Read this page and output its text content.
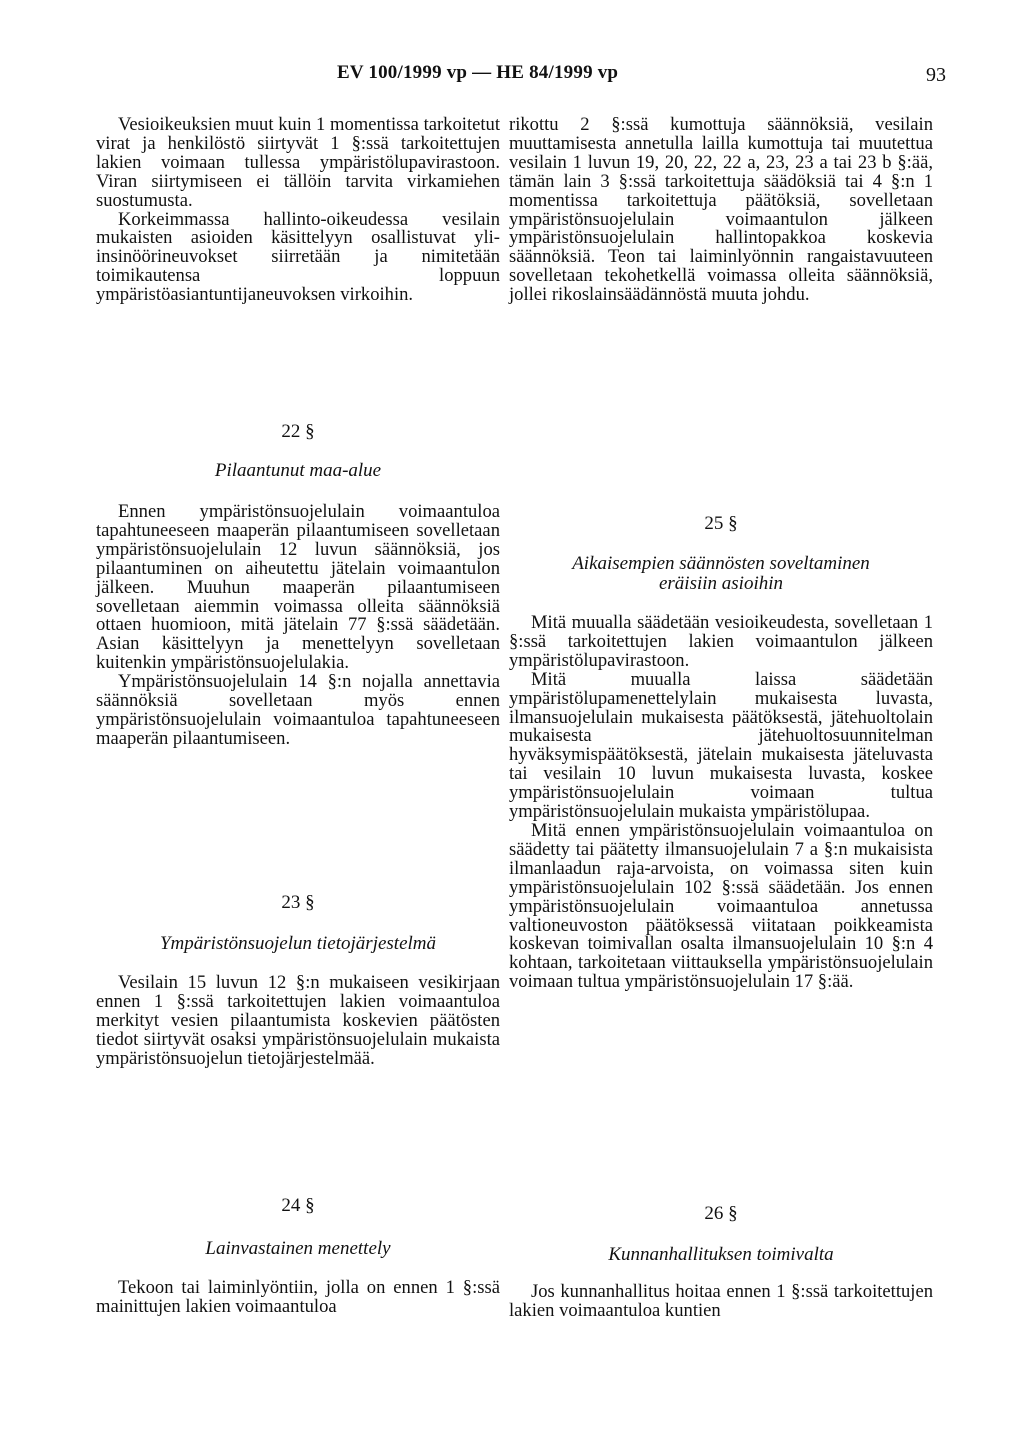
EV 100/1999 vp — HE 84/1999 vp	93

Vesioikeuksien muut kuin 1 momentissa tarkoitetut virat ja henkilöstö siirtyvät 1 §:ssä tarkoitettujen lakien voimaan tullessa ympäristölupavirastoon. Viran siirtymiseen ei tällöin tarvita virkamiehen suostumusta.

Korkeimmassa hallinto-oikeudessa vesilain mukaisten asioiden käsittelyyn osallistuvat yli-insinöörineuvokset siirretään ja nimitetään toimikautensa loppuun ympäristöasiantuntijaneuvoksen virkoihin.

22 §
Pilaantunut maa-alue

Ennen ympäristönsuojelulain voimaantuloa tapahtuneeseen maaperän pilaantumiseen sovelletaan ympäristönsuojelulain 12 luvun säännöksiä, jos pilaantuminen on aiheutettu jätelain voimaantulon jälkeen. Muuhun maaperän pilaantumiseen sovelletaan aiemmin voimassa olleita säännöksiä ottaen huomioon, mitä jätelain 77 §:ssä säädetään. Asian käsittelyyn ja menettelyyn sovelletaan kuitenkin ympäristönsuojelulakia.

Ympäristönsuojelulain 14 §:n nojalla annettavia säännöksiä sovelletaan myös ennen ympäristönsuojelulain voimaantuloa tapahtuneeseen maaperän pilaantumiseen.

23 §
Ympäristönsuojelun tietojärjestelmä

Vesilain 15 luvun 12 §:n mukaiseen vesikirjaan ennen 1 §:ssä tarkoitettujen lakien voimaantuloa merkityt vesien pilaantumista koskevien päätösten tiedot siirtyvät osaksi ympäristönsuojelulain mukaista ympäristönsuojelun tietojärjestelmää.

24 §
Lainvastainen menettely

Tekoon tai laiminlyöntiin, jolla on ennen 1 §:ssä mainittujen lakien voimaantuloa

rikottu 2 §:ssä kumottuja säännöksiä, vesilain muuttamisesta annetulla lailla kumottuja tai muutettua vesilain 1 luvun 19, 20, 22, 22 a, 23, 23 a tai 23 b §:ää, tämän lain 3 §:ssä tarkoitettuja säädöksiä tai 4 §:n 1 momentissa tarkoitettuja päätöksiä, sovelletaan ympäristönsuojelulain voimaantulon jälkeen ympäristönsuojelulain hallintopakkoa koskevia säännöksiä. Teon tai laiminlyönnin rangaistavuuteen sovelletaan tekohetkellä voimassa olleita säännöksiä, jollei rikoslainsäädännöstä muuta johdu.

25 §
Aikaisempien säännösten soveltaminen
eräisiin asioihin

Mitä muualla säädetään vesioikeudesta, sovelletaan 1 §:ssä tarkoitettujen lakien voimaantulon jälkeen ympäristölupavirastoon.

Mitä muualla laissa säädetään ympäristölupamenettelylain mukaisesta luvasta, ilmansuojelulain mukaisesta päätöksestä, jätehuoltolain mukaisesta jätehuoltosuunnitelman hyväksymispäätöksestä, jätelain mukaisesta jäteluvasta tai vesilain 10 luvun mukaisesta luvasta, koskee ympäristönsuojelulain voimaan tultua ympäristönsuojelulain mukaista ympäristölupaa.

Mitä ennen ympäristönsuojelulain voimaantuloa on säädetty tai päätetty ilmansuojelulain 7 a §:n mukaisista ilmanlaadun raja-arvoista, on voimassa siten kuin ympäristönsuojelulain 102 §:ssä säädetään. Jos ennen ympäristönsuojelulain voimaantuloa annetussa valtioneuvoston päätöksessä viitataan poikkeamista koskevan toimivallan osalta ilmansuojelulain 10 §:n 4 kohtaan, tarkoitetaan viittauksella ympäristönsuojelulain voimaan tultua ympäristönsuojelulain 17 §:ää.

26 §
Kunnanhallituksen toimivalta

Jos kunnanhallitus hoitaa ennen 1 §:ssä tarkoitettujen lakien voimaantuloa kuntien
